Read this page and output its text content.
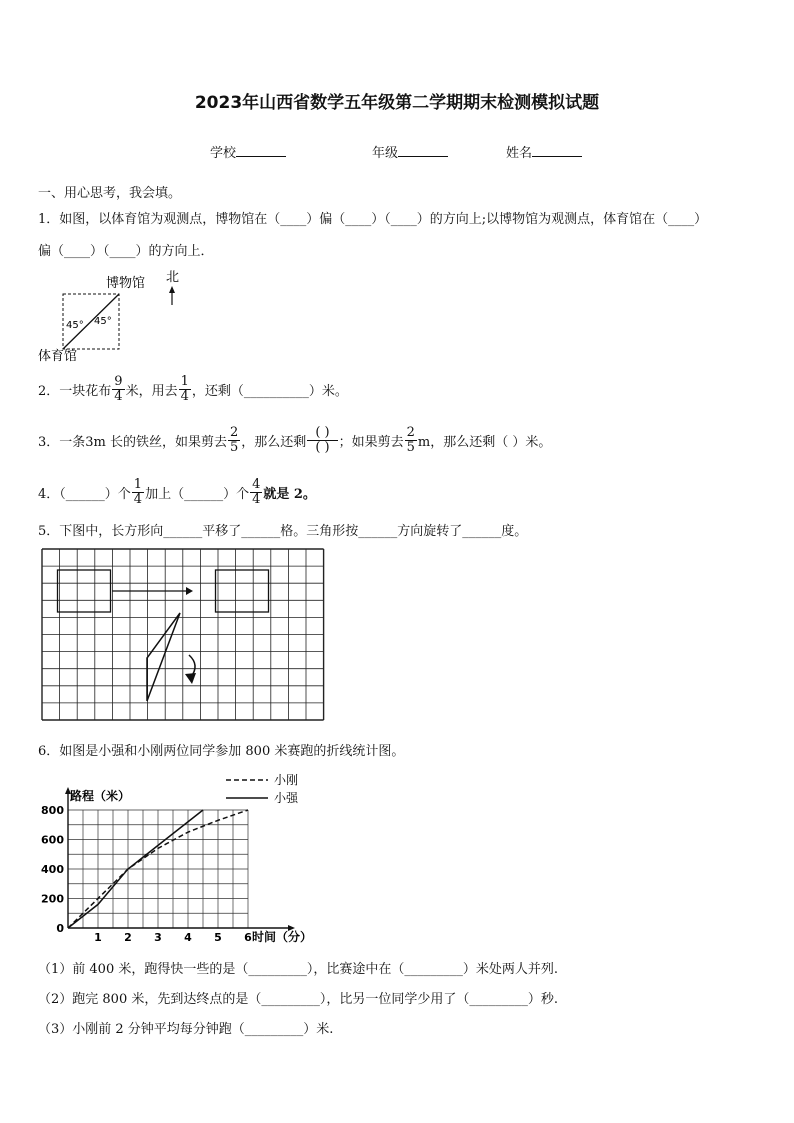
2023年山西省数学五年级第二学期期末检测模拟试题
学校	年级	姓名
一、用心思考，我会填。
1．如图，以体育馆为观测点，博物馆在（____）偏（____）（____）的方向上;以博物馆为观测点，体育馆在（____）
偏（____）（____）的方向上．
博物馆
体育馆
北
45° 45°
2．一块花布 $\frac{9}{4}$ 米，用去 $\frac{1}{4}$ ，还剩（__________）米。
3．一条3m 长的铁丝，如果剪去 $\frac{2}{5}$ ，那么还剩 $\frac{( )}{( )}$ ；如果剪去 $\frac{2}{5}$ m，那么还剩（ ）米。
4．（______）个 $\frac{1}{4}$ 加上（______）个 $\frac{4}{4}$ 就是 2。
5．下图中，长方形向______平移了______格。三角形按______方向旋转了______度。
6．如图是小强和小刚两位同学参加 800 米赛跑的折线统计图。
0
200
400
600
800
1 2 3 4 5 6
路程（米）
时间（分）
小刚
小强
（1）前 400 米，跑得快一些的是（_________），比赛途中在（_________）米处两人并列.
（2）跑完 800 米，先到达终点的是（_________），比另一位同学少用了（_________）秒.
（3）小刚前 2 分钟平均每分钟跑（_________）米.
